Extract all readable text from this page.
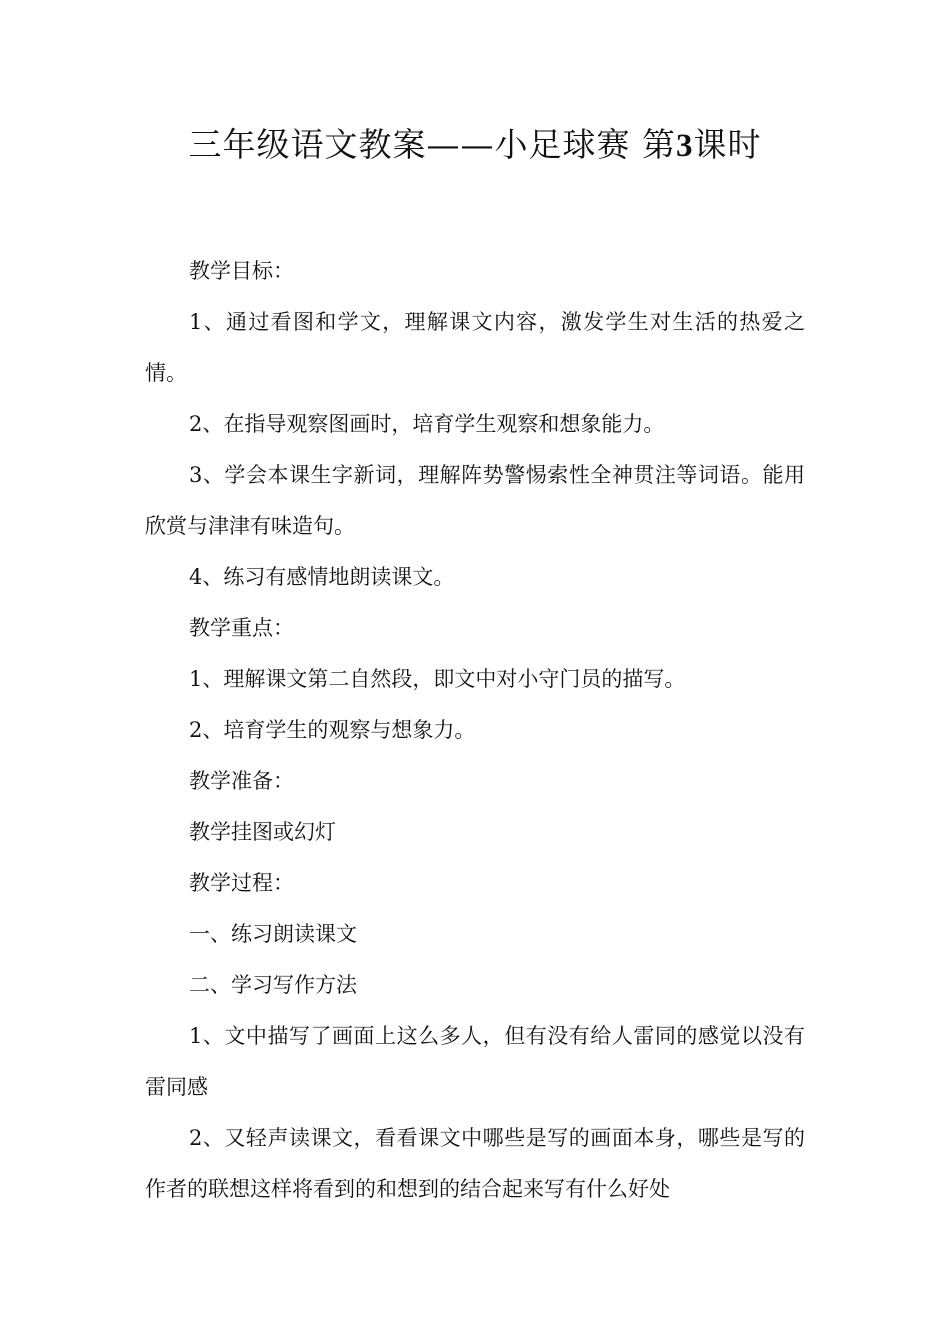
三年级语文教案——小足球赛 第3课时

教学目标：

1、通过看图和学文，理解课文内容，激发学生对生活的热爱之情。

2、在指导观察图画时，培育学生观察和想象能力。

3、学会本课生字新词，理解阵势警惕索性全神贯注等词语。能用欣赏与津津有味造句。

4、练习有感情地朗读课文。

教学重点：

1、理解课文第二自然段，即文中对小守门员的描写。

2、培育学生的观察与想象力。

教学准备：

教学挂图或幻灯

教学过程：

一、练习朗读课文

二、学习写作方法

1、文中描写了画面上这么多人，但有没有给人雷同的感觉以没有雷同感

2、又轻声读课文，看看课文中哪些是写的画面本身，哪些是写的作者的联想这样将看到的和想到的结合起来写有什么好处
